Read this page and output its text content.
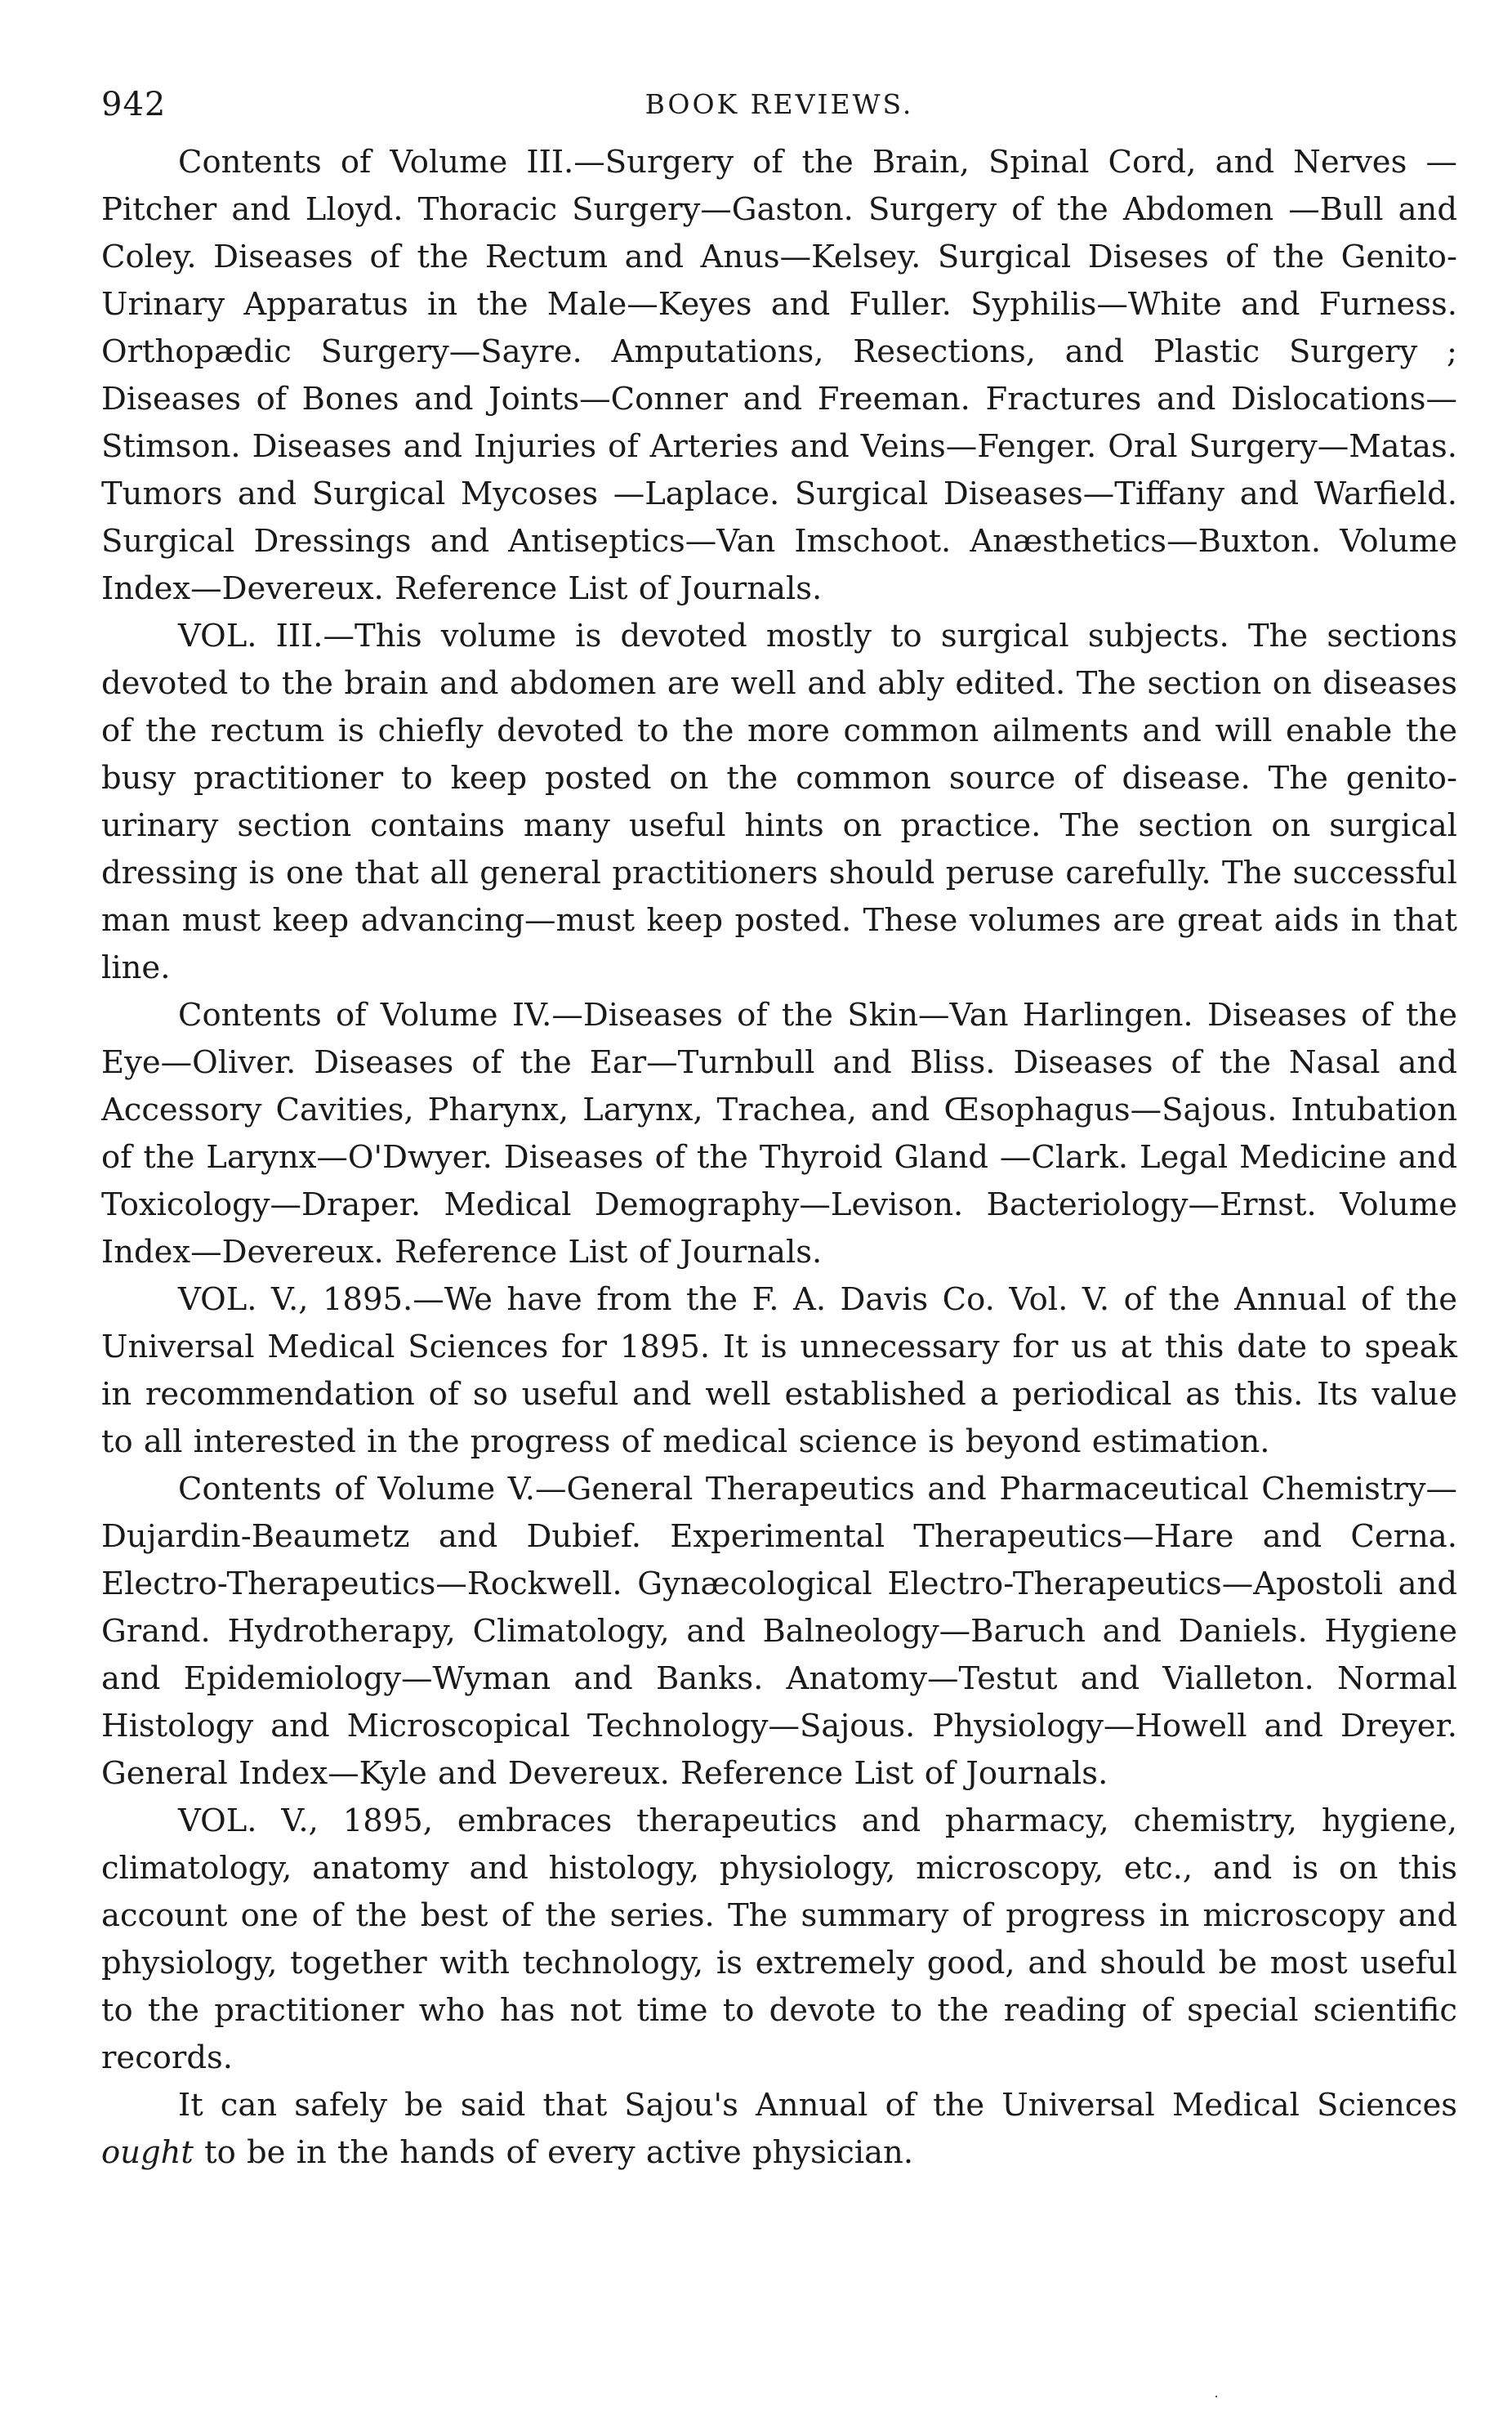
942	BOOK REVIEWS.

Contents of Volume III.—Surgery of the Brain, Spinal Cord, and Nerves —Pitcher and Lloyd. Thoracic Surgery—Gaston. Surgery of the Abdomen —Bull and Coley. Diseases of the Rectum and Anus—Kelsey. Surgical Diseses of the Genito-Urinary Apparatus in the Male—Keyes and Fuller. Syphilis—White and Furness. Orthopædic Surgery—Sayre. Amputations, Resections, and Plastic Surgery ; Diseases of Bones and Joints—Conner and Freeman. Fractures and Dislocations—Stimson. Diseases and Injuries of Arteries and Veins—Fenger. Oral Surgery—Matas. Tumors and Surgical Mycoses —Laplace. Surgical Diseases—Tiffany and Warfield. Surgical Dressings and Antiseptics—Van Imschoot. Anæsthetics—Buxton. Volume Index—Devereux. Reference List of Journals.

VOL. III.—This volume is devoted mostly to surgical subjects. The sections devoted to the brain and abdomen are well and ably edited. The section on diseases of the rectum is chiefly devoted to the more common ailments and will enable the busy practitioner to keep posted on the common source of disease. The genito-urinary section contains many useful hints on practice. The section on surgical dressing is one that all general practitioners should peruse carefully. The successful man must keep advancing—must keep posted. These volumes are great aids in that line.

Contents of Volume IV.—Diseases of the Skin—Van Harlingen. Diseases of the Eye—Oliver. Diseases of the Ear—Turnbull and Bliss. Diseases of the Nasal and Accessory Cavities, Pharynx, Larynx, Trachea, and Œsophagus—Sajous. Intubation of the Larynx—O'Dwyer. Diseases of the Thyroid Gland —Clark. Legal Medicine and Toxicology—Draper. Medical Demography—Levison. Bacteriology—Ernst. Volume Index—Devereux. Reference List of Journals.

VOL. V., 1895.—We have from the F. A. Davis Co. Vol. V. of the Annual of the Universal Medical Sciences for 1895. It is unnecessary for us at this date to speak in recommendation of so useful and well established a periodical as this. Its value to all interested in the progress of medical science is beyond estimation.

Contents of Volume V.—General Therapeutics and Pharmaceutical Chemistry—Dujardin-Beaumetz and Dubief. Experimental Therapeutics—Hare and Cerna. Electro-Therapeutics—Rockwell. Gynæcological Electro-Therapeutics—Apostoli and Grand. Hydrotherapy, Climatology, and Balneology—Baruch and Daniels. Hygiene and Epidemiology—Wyman and Banks. Anatomy—Testut and Vialleton. Normal Histology and Microscopical Technology—Sajous. Physiology—Howell and Dreyer. General Index—Kyle and Devereux. Reference List of Journals.

VOL. V., 1895, embraces therapeutics and pharmacy, chemistry, hygiene, climatology, anatomy and histology, physiology, microscopy, etc., and is on this account one of the best of the series. The summary of progress in microscopy and physiology, together with technology, is extremely good, and should be most useful to the practitioner who has not time to devote to the reading of special scientific records.

It can safely be said that Sajou's Annual of the Universal Medical Sciences ought to be in the hands of every active physician.
